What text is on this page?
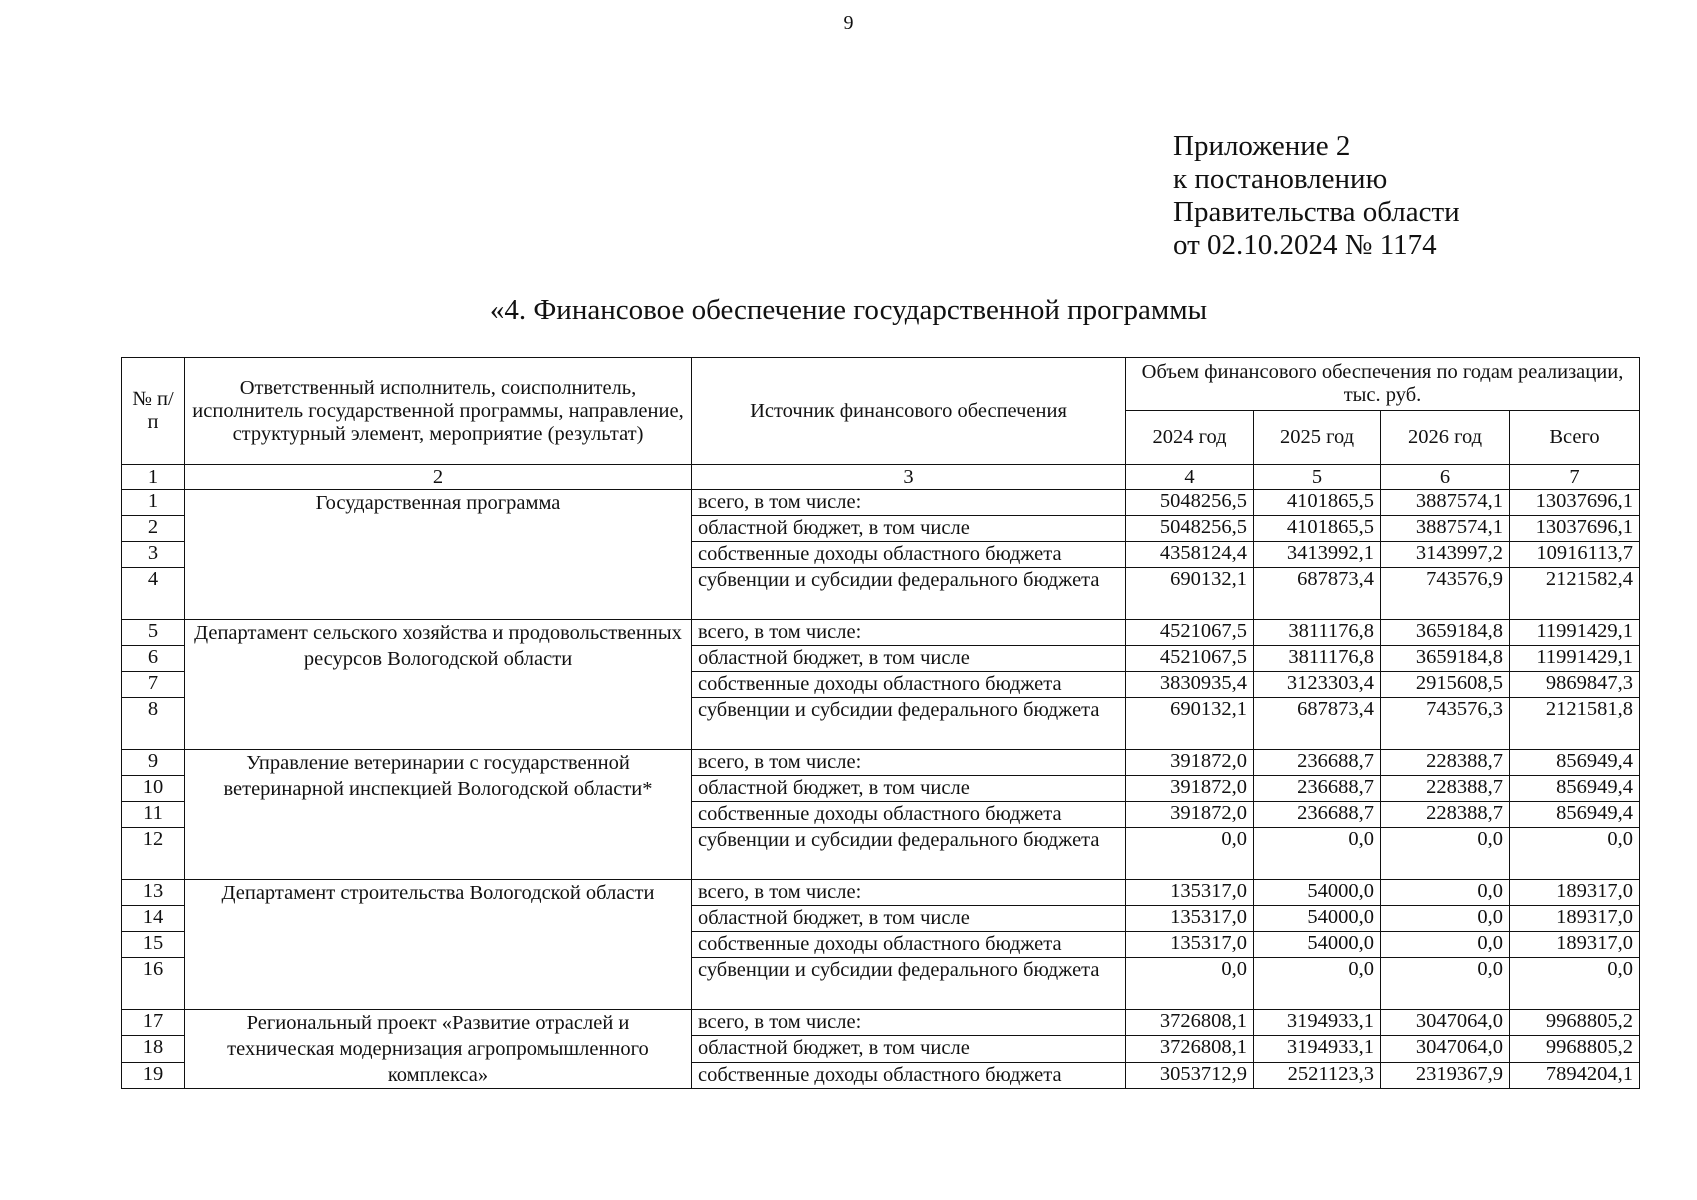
9
Приложение 2
к постановлению
Правительства области
от 02.10.2024 № 1174
«4. Финансовое обеспечение государственной программы
№ п/п	Ответственный исполнитель, соисполнитель, исполнитель государственной программы, направление, структурный элемент, мероприятие (результат)	Источник финансового обеспечения	Объем финансового обеспечения по годам реализации, тыс. руб.			
			2024 год	2025 год	2026 год	Всего
1	2	3	4	5	6	7
1	Государственная программа	всего, в том числе:	5048256,5	4101865,5	3887574,1	13037696,1
2		областной бюджет, в том числе	5048256,5	4101865,5	3887574,1	13037696,1
3		собственные доходы областного бюджета	4358124,4	3413992,1	3143997,2	10916113,7
4		субвенции и субсидии федерального бюджета	690132,1	687873,4	743576,9	2121582,4
5	Департамент сельского хозяйства и продовольственных ресурсов Вологодской области	всего, в том числе:	4521067,5	3811176,8	3659184,8	11991429,1
6		областной бюджет, в том числе	4521067,5	3811176,8	3659184,8	11991429,1
7		собственные доходы областного бюджета	3830935,4	3123303,4	2915608,5	9869847,3
8		субвенции и субсидии федерального бюджета	690132,1	687873,4	743576,3	2121581,8
9	Управление ветеринарии с государственной ветеринарной инспекцией Вологодской области*	всего, в том числе:	391872,0	236688,7	228388,7	856949,4
10		областной бюджет, в том числе	391872,0	236688,7	228388,7	856949,4
11		собственные доходы областного бюджета	391872,0	236688,7	228388,7	856949,4
12		субвенции и субсидии федерального бюджета	0,0	0,0	0,0	0,0
13	Департамент строительства Вологодской области	всего, в том числе:	135317,0	54000,0	0,0	189317,0
14		областной бюджет, в том числе	135317,0	54000,0	0,0	189317,0
15		собственные доходы областного бюджета	135317,0	54000,0	0,0	189317,0
16		субвенции и субсидии федерального бюджета	0,0	0,0	0,0	0,0
17	Региональный проект «Развитие отраслей и техническая модернизация агропромышленного комплекса»	всего, в том числе:	3726808,1	3194933,1	3047064,0	9968805,2
18		областной бюджет, в том числе	3726808,1	3194933,1	3047064,0	9968805,2
19		собственные доходы областного бюджета	3053712,9	2521123,3	2319367,9	7894204,1
